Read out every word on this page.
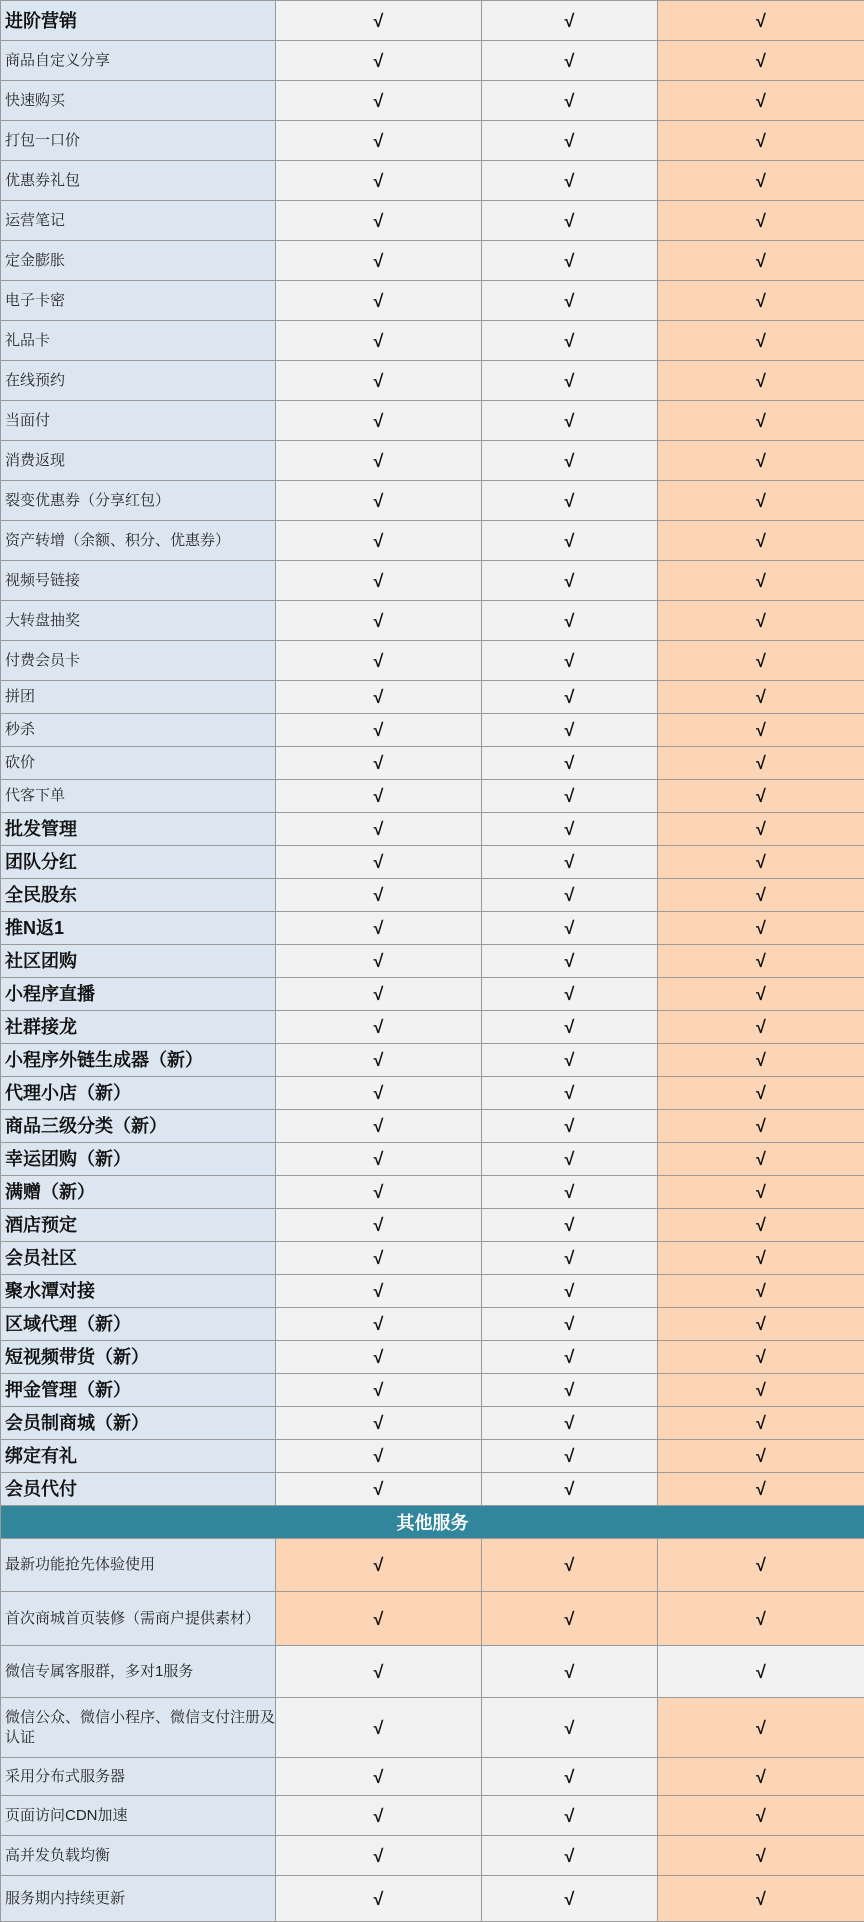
进阶营销	√	√	√
商品自定义分享	√	√	√
快速购买	√	√	√
打包一口价	√	√	√
优惠券礼包	√	√	√
运营笔记	√	√	√
定金膨胀	√	√	√
电子卡密	√	√	√
礼品卡	√	√	√
在线预约	√	√	√
当面付	√	√	√
消费返现	√	√	√
裂变优惠券（分享红包）	√	√	√
资产转增（余额、积分、优惠券）	√	√	√
视频号链接	√	√	√
大转盘抽奖	√	√	√
付费会员卡	√	√	√
拼团	√	√	√
秒杀	√	√	√
砍价	√	√	√
代客下单	√	√	√
批发管理	√	√	√
团队分红	√	√	√
全民股东	√	√	√
推N返1	√	√	√
社区团购	√	√	√
小程序直播	√	√	√
社群接龙	√	√	√
小程序外链生成器（新）	√	√	√
代理小店（新）	√	√	√
商品三级分类（新）	√	√	√
幸运团购（新）	√	√	√
满赠（新）	√	√	√
酒店预定	√	√	√
会员社区	√	√	√
聚水潭对接	√	√	√
区域代理（新）	√	√	√
短视频带货（新）	√	√	√
押金管理（新）	√	√	√
会员制商城（新）	√	√	√
绑定有礼	√	√	√
会员代付	√	√	√
其他服务			
最新功能抢先体验使用	√	√	√
首次商城首页装修（需商户提供素材）	√	√	√
微信专属客服群，多对1服务	√	√	√
微信公众、微信小程序、微信支付注册及认证	√	√	√
采用分布式服务器	√	√	√
页面访问CDN加速	√	√	√
高并发负载均衡	√	√	√
服务期内持续更新	√	√	√
